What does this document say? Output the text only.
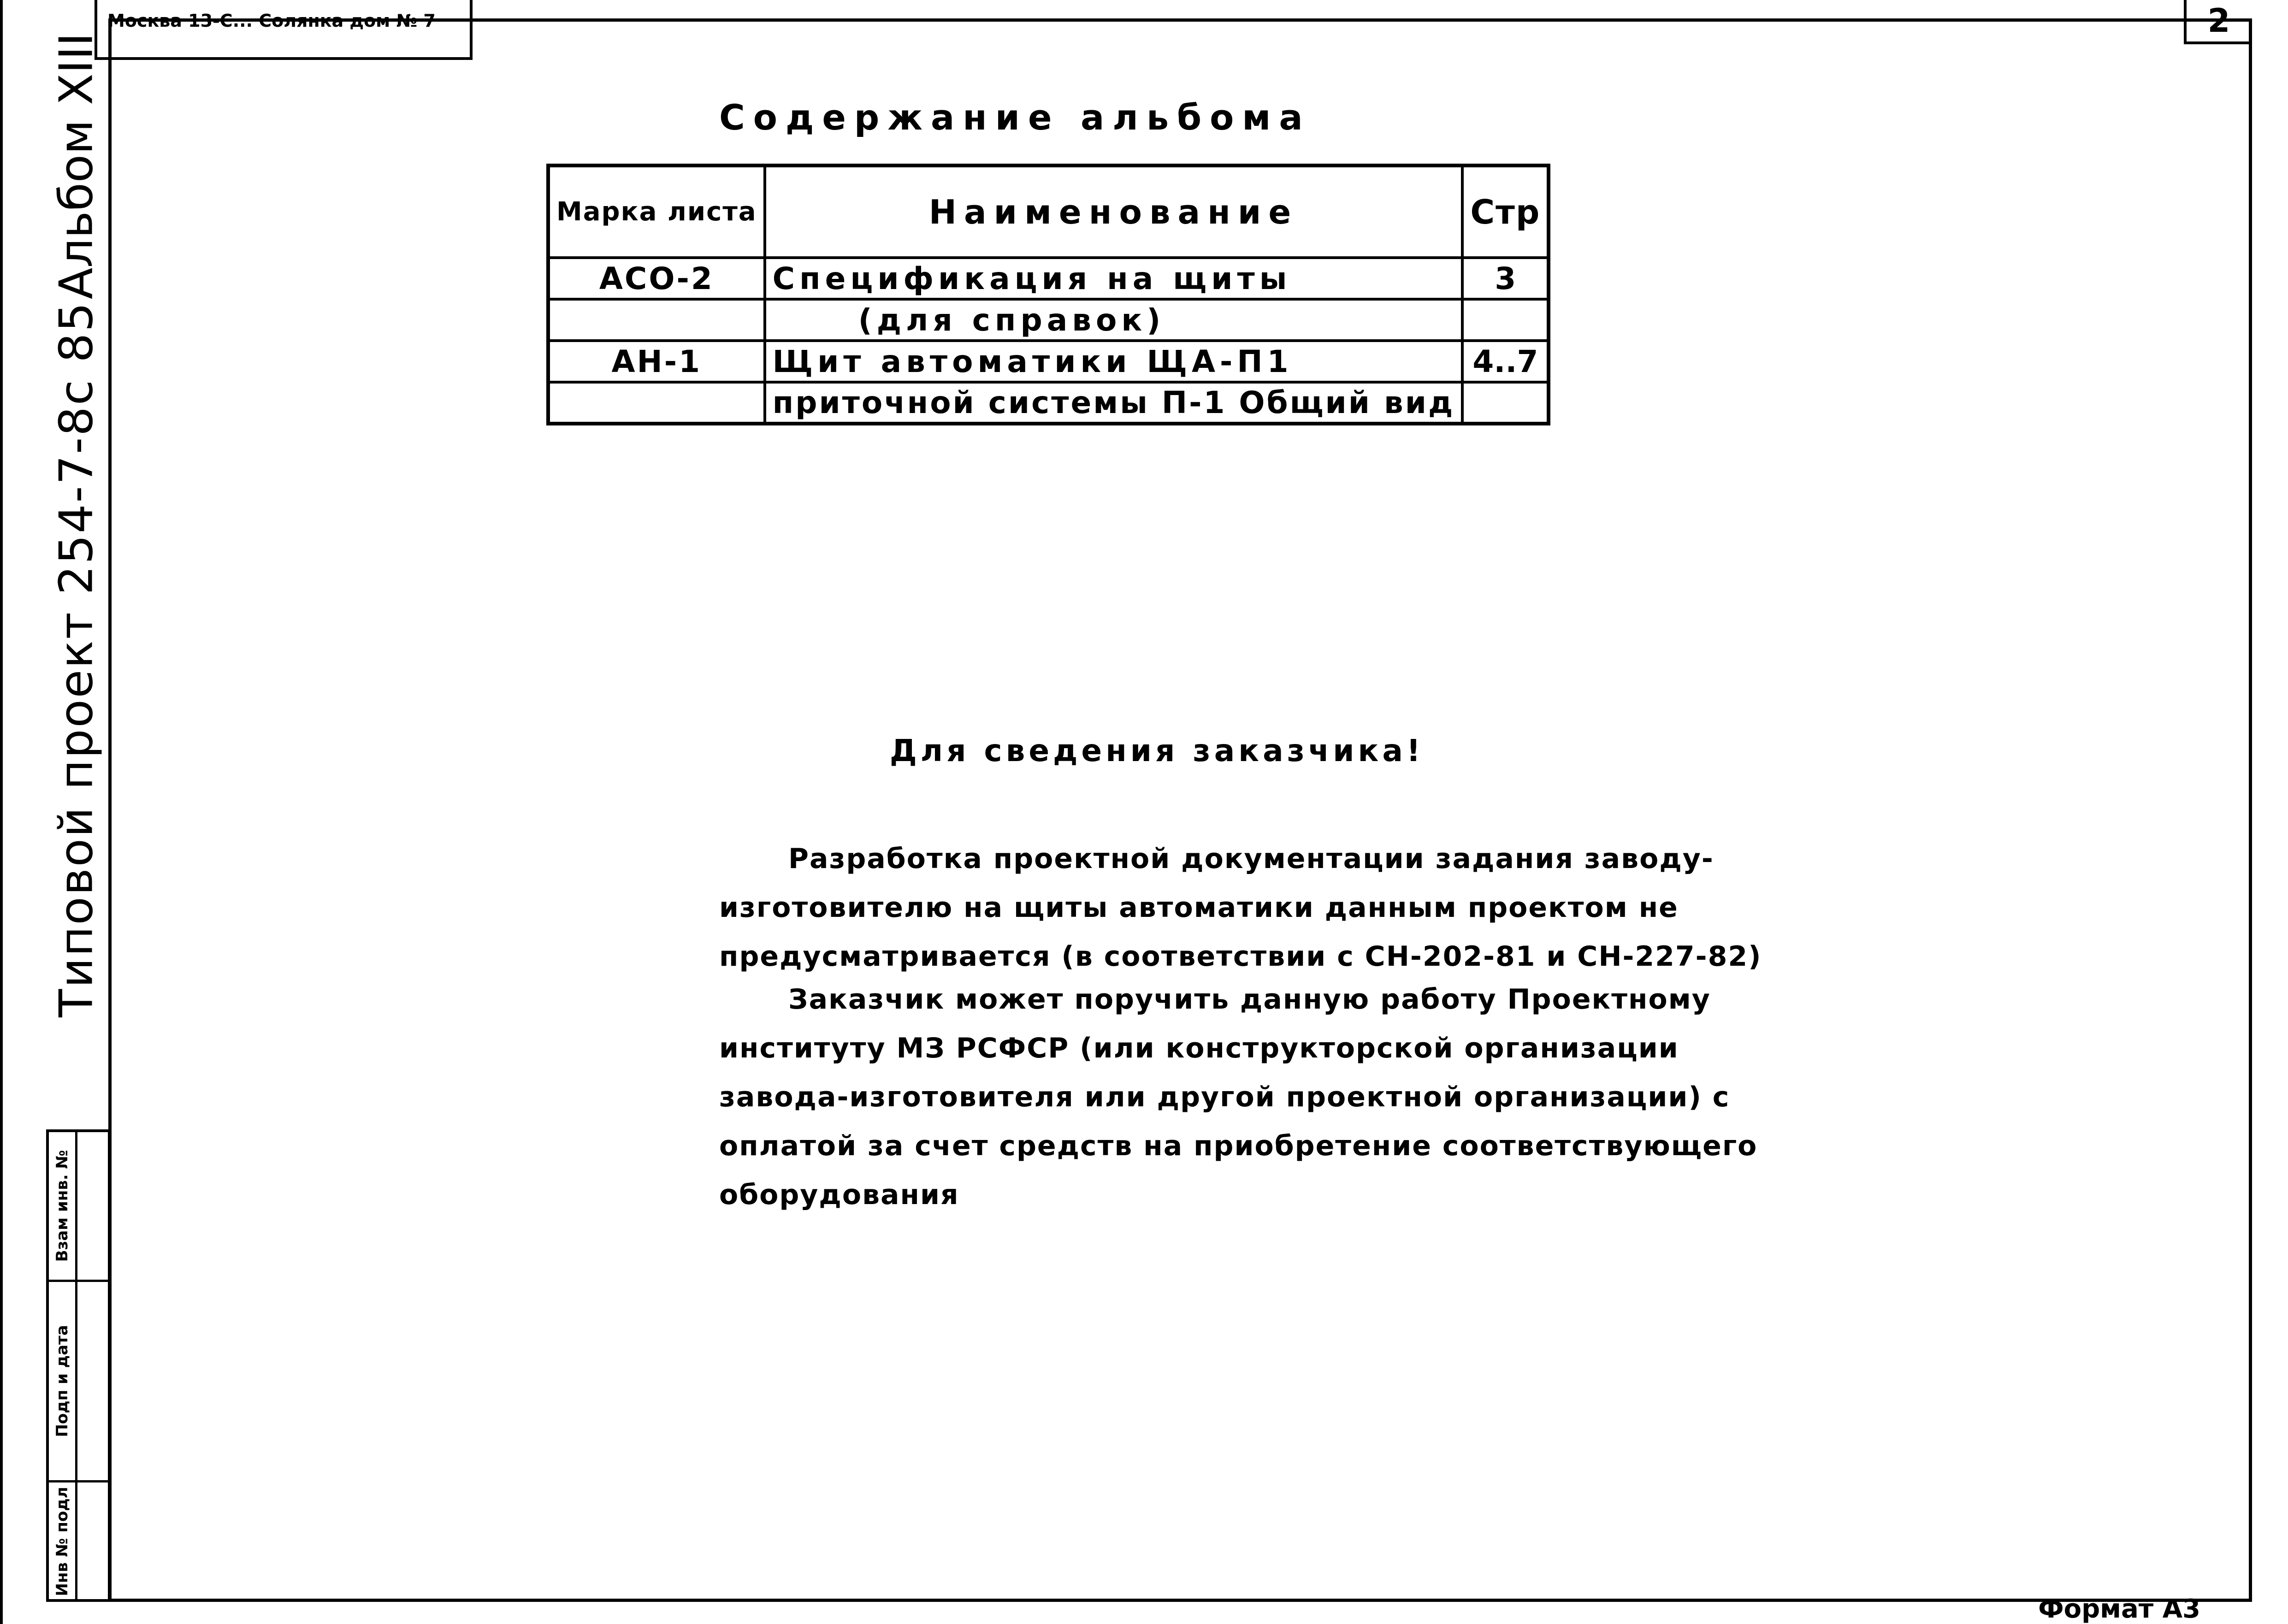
Москва 13-С... Солянка дом № 7	2
Альбом XIII
Типовой проект 254-7-8с 85
Инв № подл
Подп и дата
Взам инв. №
Содержание альбома
Марка листа	Наименование	Стр
АСО-2	Спецификация на щиты	3
	(для справок)	
АН-1	Щит автоматики ЩА-П1	4..7
	приточной системы П-1 Общий вид	
Для сведения заказчика!
Разработка проектной документации задания заводу-изготовителю на щиты автоматики данным проектом не предусматривается (в соответствии с СН-202-81 и СН-227-82)
Заказчик может поручить данную работу Проектному институту МЗ РСФСР (или конструкторской организации завода-изготовителя или другой проектной организации) с оплатой за счет средств на приобретение соответствующего оборудования
Формат А3
